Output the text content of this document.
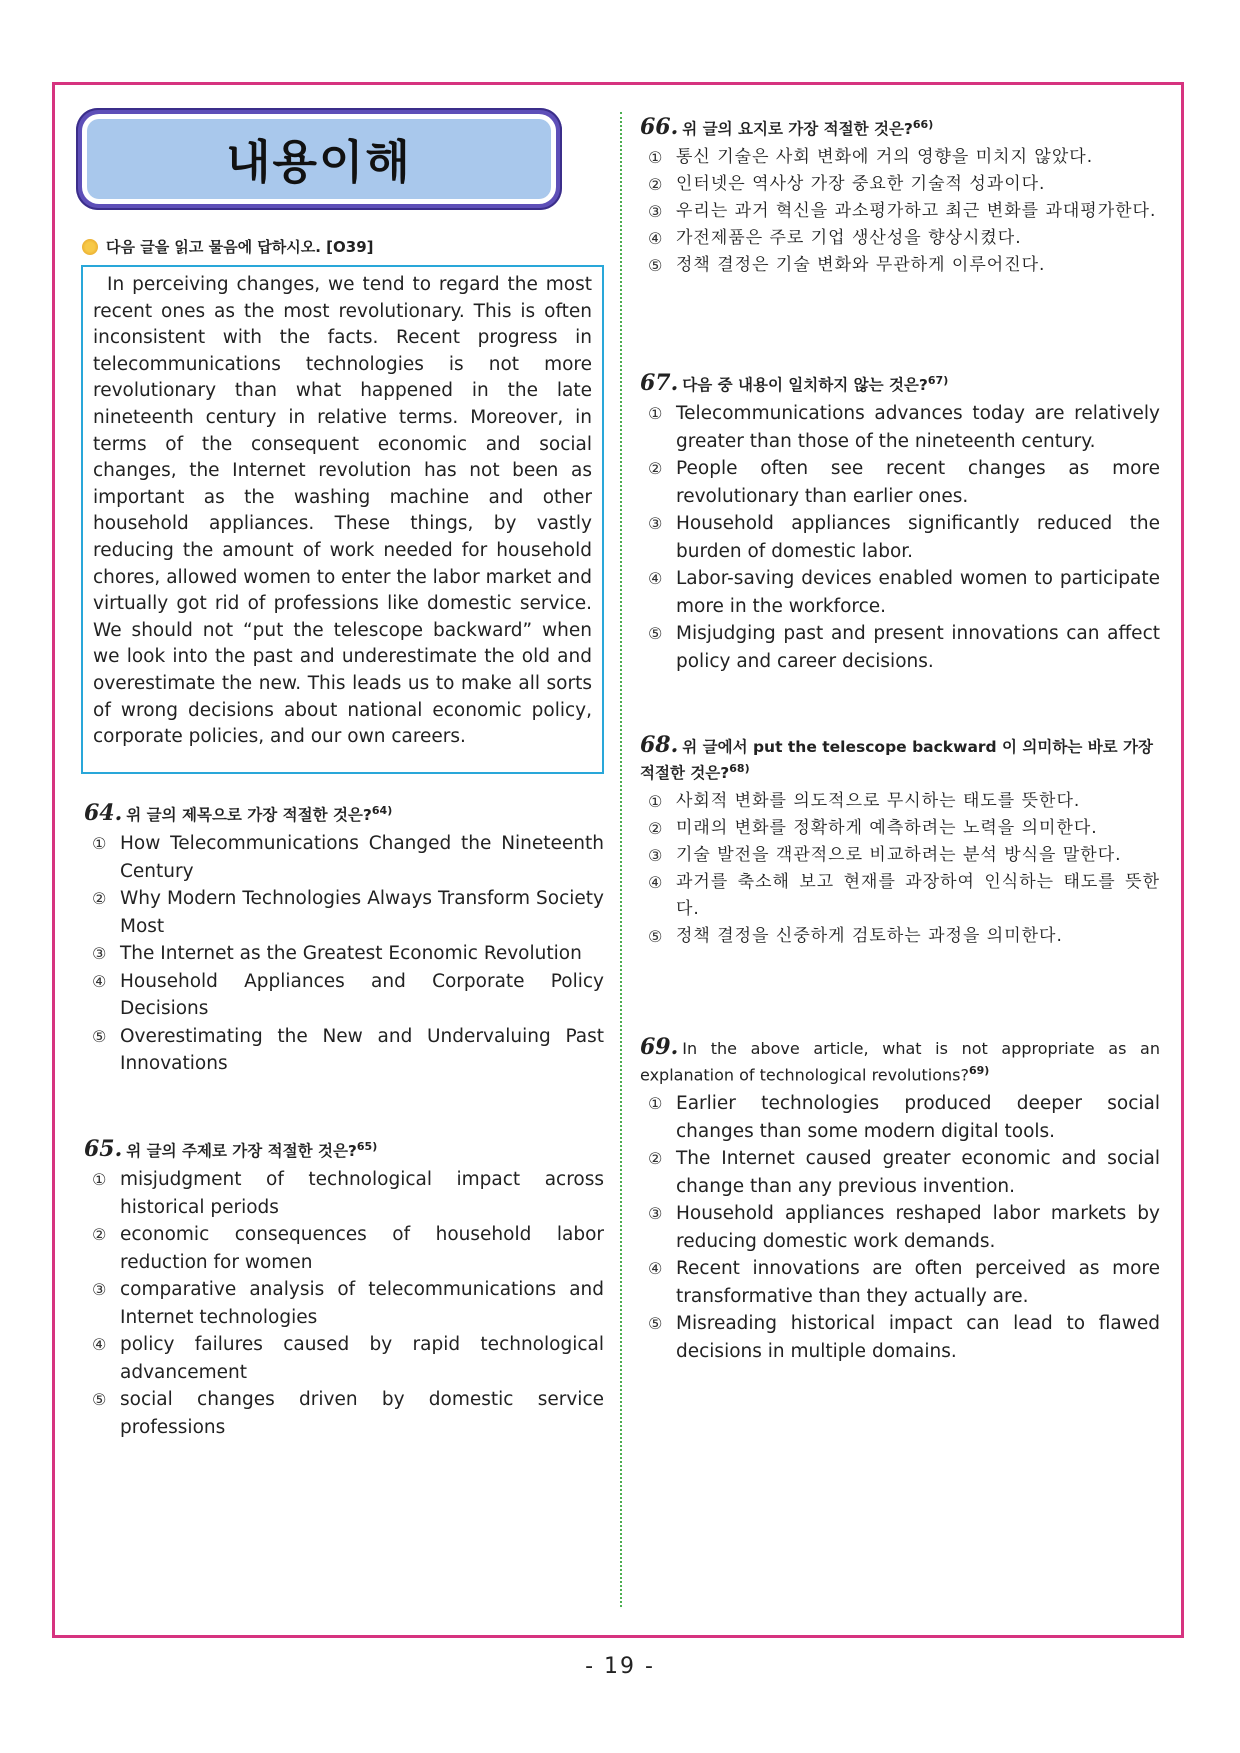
내용이해
다음 글을 읽고 물음에 답하시오. [O39]

In perceiving changes, we tend to regard the most recent ones as the most revolutionary. This is often inconsistent with the facts. Recent progress in telecommunications technologies is not more revolutionary than what happened in the late nineteenth century in relative terms. Moreover, in terms of the consequent economic and social changes, the Internet revolution has not been as important as the washing machine and other household appliances. These things, by vastly reducing the amount of work needed for household chores, allowed women to enter the labor market and virtually got rid of professions like domestic service. We should not “put the telescope backward” when we look into the past and underestimate the old and overestimate the new. This leads us to make all sorts of wrong decisions about national economic policy, corporate policies, and our own careers.

64. 위 글의 제목으로 가장 적절한 것은?$^{64)}$
① How Telecommunications Changed the Nineteenth Century
② Why Modern Technologies Always Transform Society Most
③ The Internet as the Greatest Economic Revolution
④ Household Appliances and Corporate Policy Decisions
⑤ Overestimating the New and Undervaluing Past Innovations
65. 위 글의 주제로 가장 적절한 것은?$^{65)}$
① misjudgment of technological impact across historical periods
② economic consequences of household labor reduction for women
③ comparative analysis of telecommunications and Internet technologies
④ policy failures caused by rapid technological advancement
⑤ social changes driven by domestic service professions
66. 위 글의 요지로 가장 적절한 것은?$^{66)}$
① 통신 기술은 사회 변화에 거의 영향을 미치지 않았다.
② 인터넷은 역사상 가장 중요한 기술적 성과이다.
③ 우리는 과거 혁신을 과소평가하고 최근 변화를 과대평가한다.
④ 가전제품은 주로 기업 생산성을 향상시켰다.
⑤ 정책 결정은 기술 변화와 무관하게 이루어진다.
67. 다음 중 내용이 일치하지 않는 것은?$^{67)}$
① Telecommunications advances today are relatively greater than those of the nineteenth century.
② People often see recent changes as more revolutionary than earlier ones.
③ Household appliances significantly reduced the burden of domestic labor.
④ Labor-saving devices enabled women to participate more in the workforce.
⑤ Misjudging past and present innovations can affect policy and career decisions.
68. 위 글에서 put the telescope backward 이 의미하는 바로 가장 적절한 것은?$^{68)}$
① 사회적 변화를 의도적으로 무시하는 태도를 뜻한다.
② 미래의 변화를 정확하게 예측하려는 노력을 의미한다.
③ 기술 발전을 객관적으로 비교하려는 분석 방식을 말한다.
④ 과거를 축소해 보고 현재를 과장하여 인식하는 태도를 뜻한다.
⑤ 정책 결정을 신중하게 검토하는 과정을 의미한다.
69. In the above article, what is not appropriate as an explanation of technological revolutions?$^{69)}$
① Earlier technologies produced deeper social changes than some modern digital tools.
② The Internet caused greater economic and social change than any previous invention.
③ Household appliances reshaped labor markets by reducing domestic work demands.
④ Recent innovations are often perceived as more transformative than they actually are.
⑤ Misreading historical impact can lead to flawed decisions in multiple domains.
- 19 -
